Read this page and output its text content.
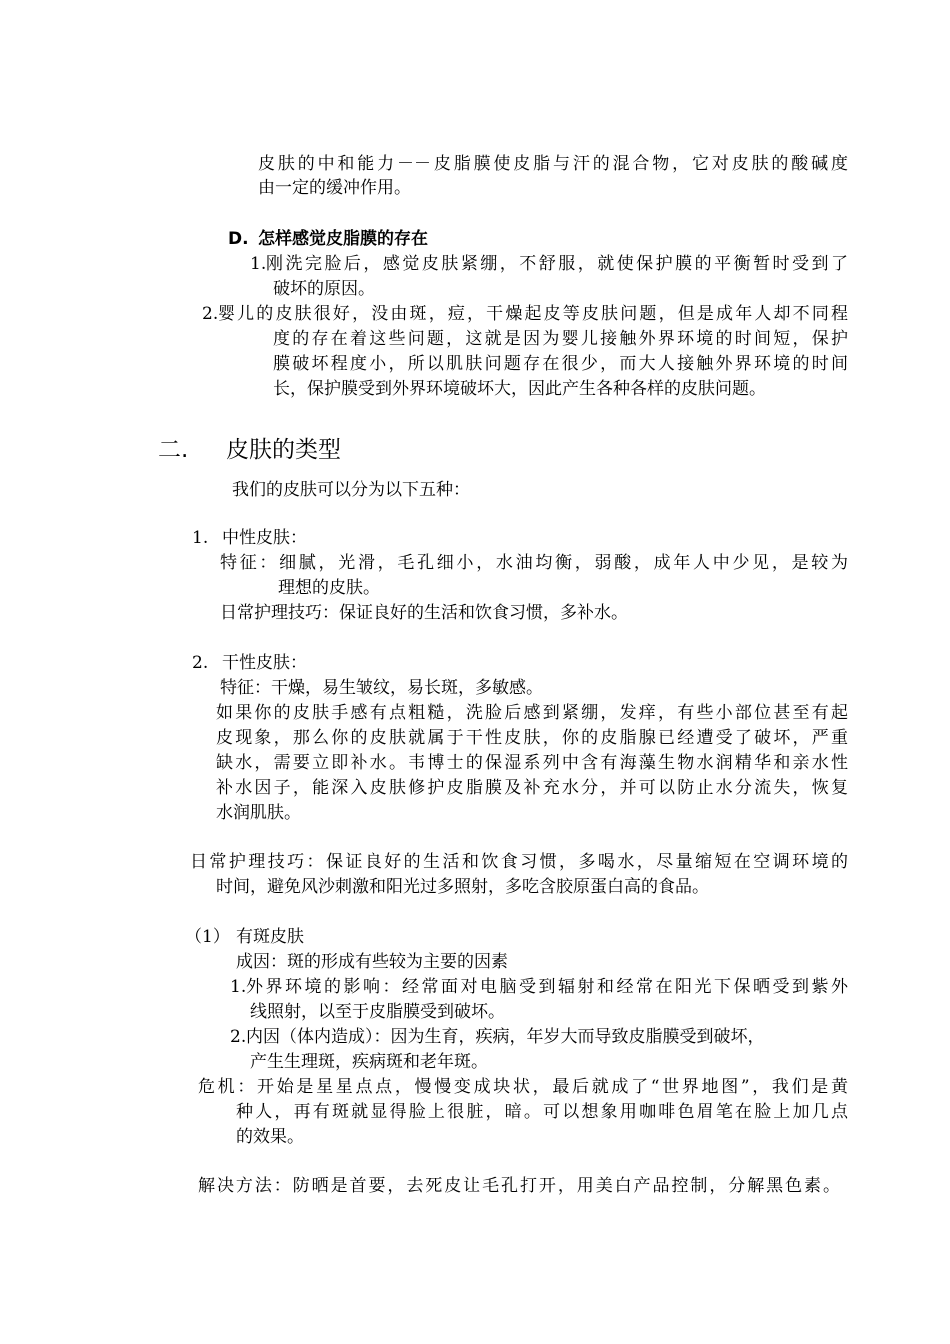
皮肤的中和能力－－皮脂膜使皮脂与汗的混合物，它对皮肤的酸碱度
由一定的缓冲作用。
D. 怎样感觉皮脂膜的存在
1. 刚洗完脸后，感觉皮肤紧绷，不舒服，就使保护膜的平衡暂时受到了
破坏的原因。
2. 婴儿的皮肤很好，没由斑，痘，干燥起皮等皮肤问题，但是成年人却不同程
度的存在着这些问题，这就是因为婴儿接触外界环境的时间短，保护
膜破坏程度小，所以肌肤问题存在很少，而大人接触外界环境的时间
长，保护膜受到外界环境破坏大，因此产生各种各样的皮肤问题。
二. 皮肤的类型
我们的皮肤可以分为以下五种：
1. 中性皮肤：
特征：细腻，光滑，毛孔细小，水油均衡，弱酸，成年人中少见，是较为
理想的皮肤。
日常护理技巧：保证良好的生活和饮食习惯，多补水。
2. 干性皮肤：
特征：干燥，易生皱纹，易长斑，多敏感。
如果你的皮肤手感有点粗糙，洗脸后感到紧绷，发痒，有些小部位甚至有起
皮现象，那么你的皮肤就属于干性皮肤，你的皮脂腺已经遭受了破坏，严重
缺水，需要立即补水。韦博士的保湿系列中含有海藻生物水润精华和亲水性
补水因子，能深入皮肤修护皮脂膜及补充水分，并可以防止水分流失，恢复
水润肌肤。
日常护理技巧：保证良好的生活和饮食习惯，多喝水，尽量缩短在空调环境的
时间，避免风沙刺激和阳光过多照射，多吃含胶原蛋白高的食品。
（1） 有斑皮肤
成因：斑的形成有些较为主要的因素
1. 外界环境的影响：经常面对电脑受到辐射和经常在阳光下保晒受到紫外
线照射，以至于皮脂膜受到破坏。
2. 内因（体内造成）：因为生育，疾病，年岁大而导致皮脂膜受到破坏，
产生生理斑，疾病斑和老年斑。
危机：开始是星星点点，慢慢变成块状，最后就成了“世界地图”，我们是黄
种人，再有斑就显得脸上很脏，暗。可以想象用咖啡色眉笔在脸上加几点
的效果。
解决方法：防晒是首要，去死皮让毛孔打开，用美白产品控制，分解黑色素。
